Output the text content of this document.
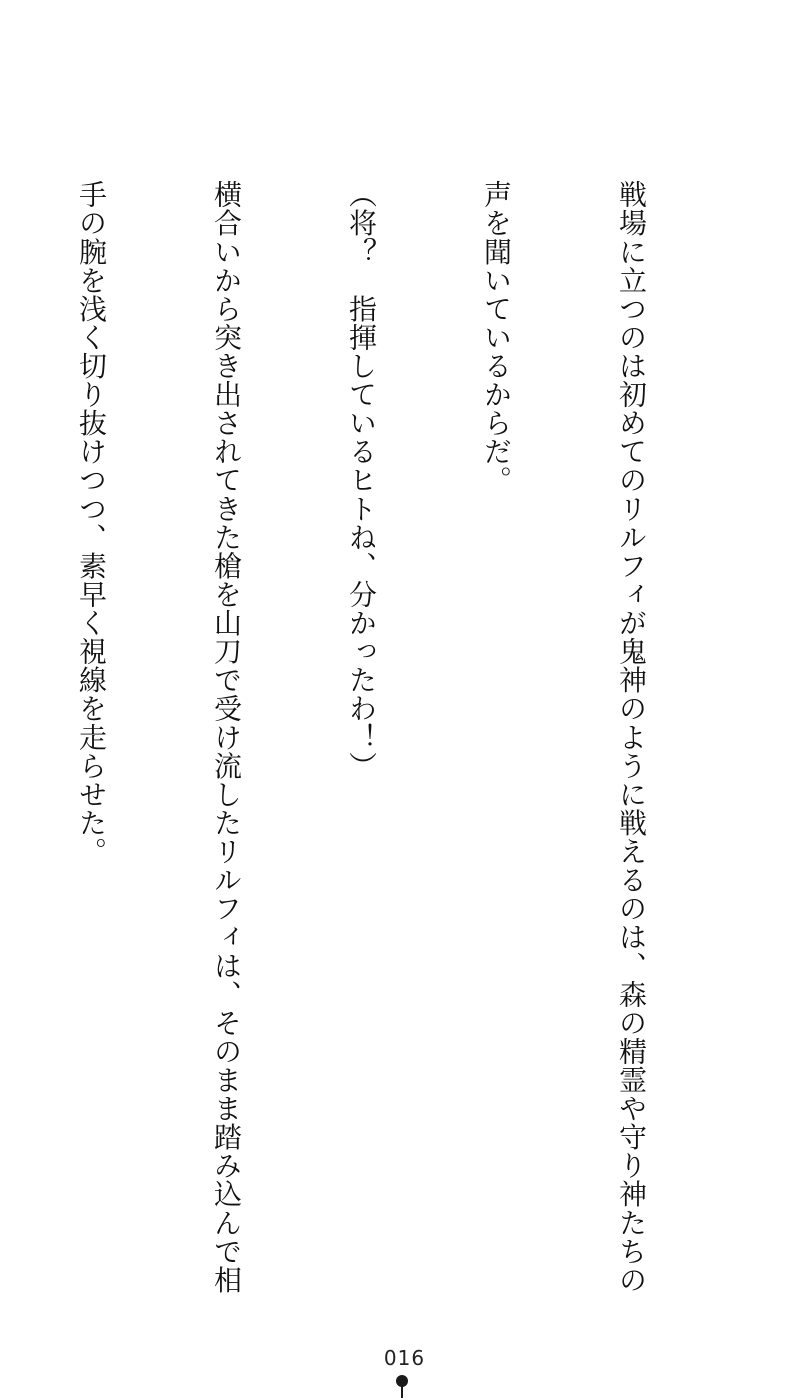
戦場に立つのは初めてのリルフィが鬼神のように戦えるのは、森の精霊や守り神たちの

声を聞いているからだ。

（将？　指揮しているヒトね、分かったわ！）

横合いから突き出されてきた槍を山刀で受け流したリルフィは、そのまま踏み込んで相

手の腕を浅く切り抜けつつ、素早く視線を走らせた。

016
